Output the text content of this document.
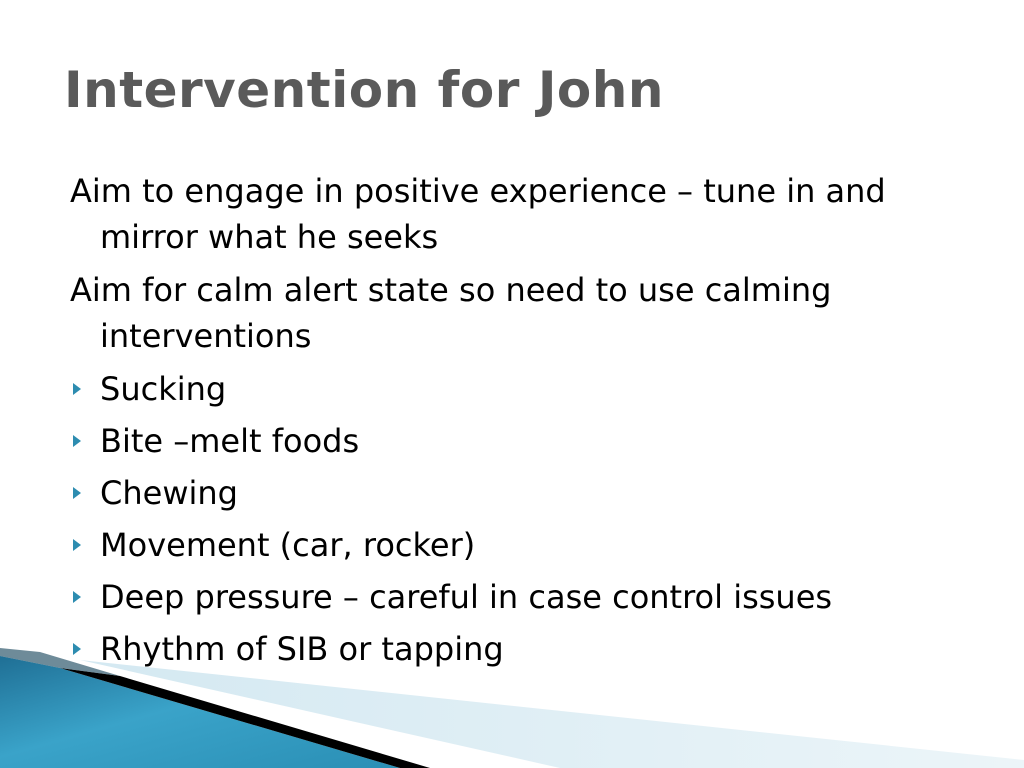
Intervention for John

Aim to engage in positive experience – tune in and mirror what he seeks

Aim for calm alert state so need to use calming interventions

Sucking
Bite –melt foods
Chewing
Movement (car, rocker)
Deep pressure – careful in case control issues
Rhythm of SIB or tapping
